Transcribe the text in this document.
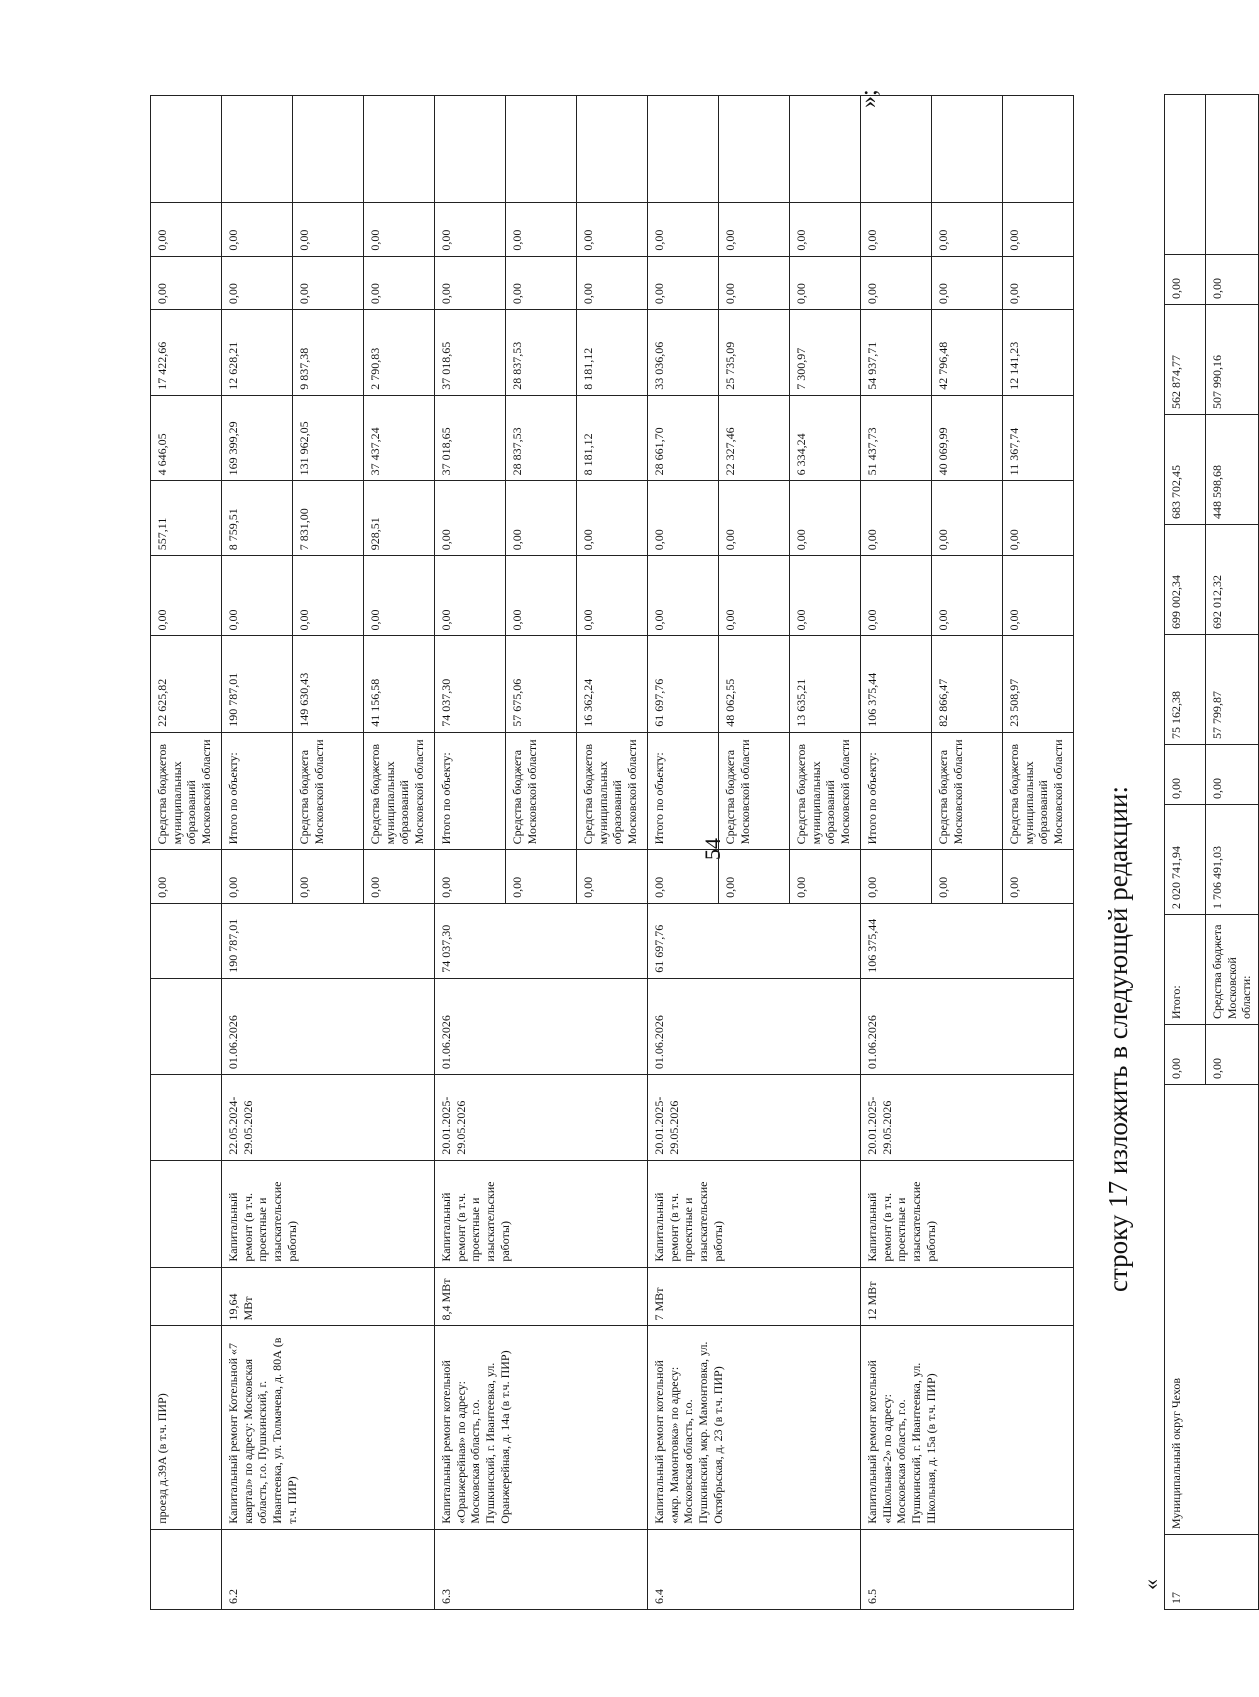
54
»;
	проезд д.39А (в т.ч. ПИР)						0,00	Средства бюджетов муниципальных образований Московской области	22 625,82	0,00	557,11	4 646,05	17 422,66	0,00	0,00	
6.2	Капитальный ремонт Котельной «7 квартал» по адресу: Московская область, г.о. Пушкинский, г. Ивантеевка, ул. Толмачева, д. 80А (в т.ч. ПИР)	19,64 МВт	Капитальный ремонт (в т.ч. проектные и изыскательские работы)	22.05.2024-29.05.2026	01.06.2026	190 787,01	0,00	Итого по объекту:	190 787,01	0,00	8 759,51	169 399,29	12 628,21	0,00	0,00	
							0,00	Средства бюджета Московской области	149 630,43	0,00	7 831,00	131 962,05	9 837,38	0,00	0,00	
							0,00	Средства бюджетов муниципальных образований Московской области	41 156,58	0,00	928,51	37 437,24	2 790,83	0,00	0,00	
6.3	Капитальный ремонт котельной «Оранжерейная» по адресу: Московская область, г.о. Пушкинский, г. Ивантеевка, ул. Оранжерейная, д. 14а (в т.ч. ПИР)	8,4 МВт	Капитальный ремонт (в т.ч. проектные и изыскательские работы)	20.01.2025-29.05.2026	01.06.2026	74 037,30	0,00	Итого по объекту:	74 037,30	0,00	0,00	37 018,65	37 018,65	0,00	0,00	
							0,00	Средства бюджета Московской области	57 675,06	0,00	0,00	28 837,53	28 837,53	0,00	0,00	
							0,00	Средства бюджетов муниципальных образований Московской области	16 362,24	0,00	0,00	8 181,12	8 181,12	0,00	0,00	
6.4	Капитальный ремонт котельной «мкр. Мамонтовка» по адресу: Московская область, г.о. Пушкинский, мкр. Мамонтовка, ул. Октябрьская, д. 23 (в т.ч. ПИР)	7 МВт	Капитальный ремонт (в т.ч. проектные и изыскательские работы)	20.01.2025-29.05.2026	01.06.2026	61 697,76	0,00	Итого по объекту:	61 697,76	0,00	0,00	28 661,70	33 036,06	0,00	0,00	
							0,00	Средства бюджета Московской области	48 062,55	0,00	0,00	22 327,46	25 735,09	0,00	0,00	
							0,00	Средства бюджетов муниципальных образований Московской области	13 635,21	0,00	0,00	6 334,24	7 300,97	0,00	0,00	
6.5	Капитальный ремонт котельной «Школьная-2» по адресу: Московская область, г.о. Пушкинский, г. Ивантеевка, ул. Школьная, д. 15а (в т.ч. ПИР)	12 МВт	Капитальный ремонт (в т.ч. проектные и изыскательские работы)	20.01.2025-29.05.2026	01.06.2026	106 375,44	0,00	Итого по объекту:	106 375,44	0,00	0,00	51 437,73	54 937,71	0,00	0,00	
							0,00	Средства бюджета Московской области	82 866,47	0,00	0,00	40 069,99	42 796,48	0,00	0,00	
							0,00	Средства бюджетов муниципальных образований Московской области	23 508,97	0,00	0,00	11 367,74	12 141,23	0,00	0,00	
строку 17 изложить в следующей редакции:
«
17	Муниципальный округ Чехов	0,00	Итого:	2 020 741,94	0,00	75 162,38	699 002,34	683 702,45	562 874,77	0,00	
		0,00	Средства бюджета Московской области:	1 706 491,03	0,00	57 799,87	692 012,32	448 598,68	507 990,16	0,00	
